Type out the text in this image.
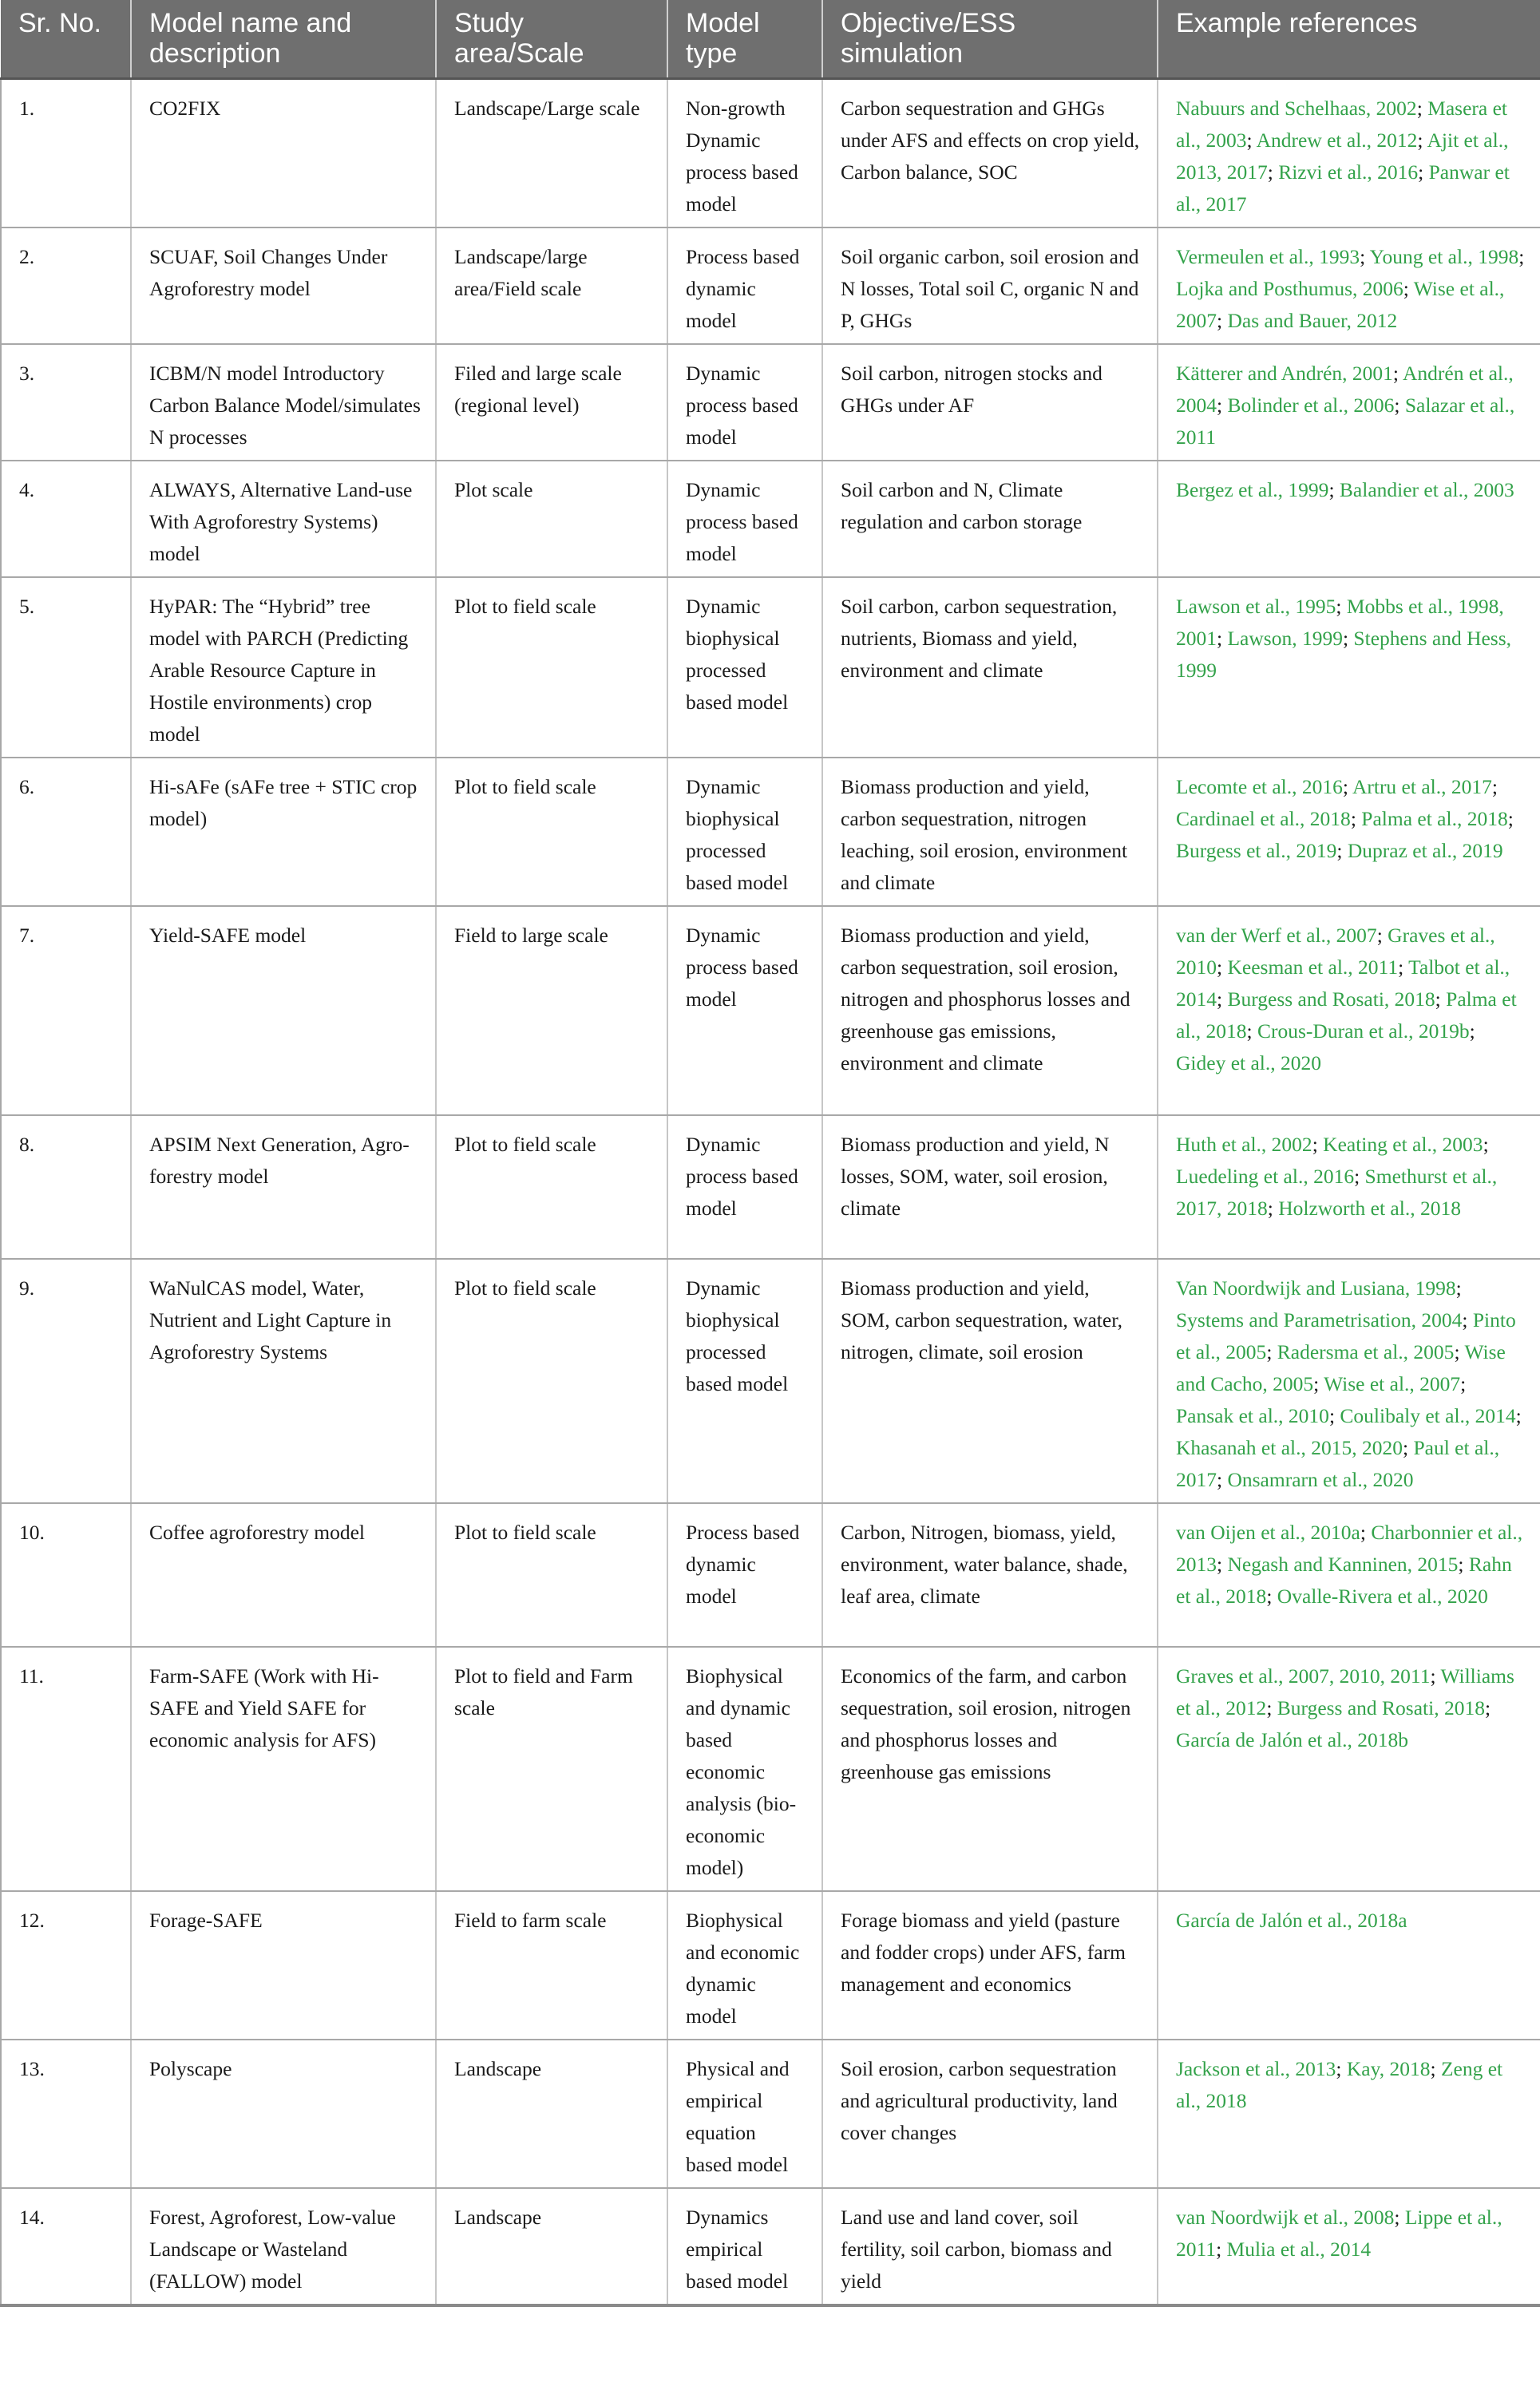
Sr. No.	Model name and description	Study area/Scale	Model type	Objective/ESS simulation	Example references
1.	CO2FIX	Landscape/Large scale	Non-growth Dynamic process based model	Carbon sequestration and GHGs under AFS and effects on crop yield, Carbon balance, SOC	Nabuurs and Schelhaas, 2002; Masera et al., 2003; Andrew et al., 2012; Ajit et al., 2013, 2017; Rizvi et al., 2016; Panwar et al., 2017
2.	SCUAF, Soil Changes Under Agroforestry model	Landscape/large area/Field scale	Process based dynamic model	Soil organic carbon, soil erosion and N losses, Total soil C, organic N and P, GHGs	Vermeulen et al., 1993; Young et al., 1998; Lojka and Posthumus, 2006; Wise et al., 2007; Das and Bauer, 2012
3.	ICBM/N model Introductory Carbon Balance Model/simulates N processes	Filed and large scale (regional level)	Dynamic process based model	Soil carbon, nitrogen stocks and GHGs under AF	Kätterer and Andrén, 2001; Andrén et al., 2004; Bolinder et al., 2006; Salazar et al., 2011
4.	ALWAYS, Alternative Land-use With Agroforestry Systems) model	Plot scale	Dynamic process based model	Soil carbon and N, Climate regulation and carbon storage	Bergez et al., 1999; Balandier et al., 2003
5.	HyPAR: The “Hybrid” tree model with PARCH (Predicting Arable Resource Capture in Hostile environments) crop model	Plot to field scale	Dynamic biophysical processed based model	Soil carbon, carbon sequestration, nutrients, Biomass and yield, environment and climate	Lawson et al., 1995; Mobbs et al., 1998, 2001; Lawson, 1999; Stephens and Hess, 1999
6.	Hi-sAFe (sAFe tree + STIC crop model)	Plot to field scale	Dynamic biophysical processed based model	Biomass production and yield, carbon sequestration, nitrogen leaching, soil erosion, environment and climate	Lecomte et al., 2016; Artru et al., 2017; Cardinael et al., 2018; Palma et al., 2018; Burgess et al., 2019; Dupraz et al., 2019
7.	Yield-SAFE model	Field to large scale	Dynamic process based model	Biomass production and yield, carbon sequestration, soil erosion, nitrogen and phosphorus losses and greenhouse gas emissions, environment and climate	van der Werf et al., 2007; Graves et al., 2010; Keesman et al., 2011; Talbot et al., 2014; Burgess and Rosati, 2018; Palma et al., 2018; Crous-Duran et al., 2019b; Gidey et al., 2020
8.	APSIM Next Generation, Agro-forestry model	Plot to field scale	Dynamic process based model	Biomass production and yield, N losses, SOM, water, soil erosion, climate	Huth et al., 2002; Keating et al., 2003; Luedeling et al., 2016; Smethurst et al., 2017, 2018; Holzworth et al., 2018
9.	WaNulCAS model, Water, Nutrient and Light Capture in Agroforestry Systems	Plot to field scale	Dynamic biophysical processed based model	Biomass production and yield, SOM, carbon sequestration, water, nitrogen, climate, soil erosion	Van Noordwijk and Lusiana, 1998; Systems and Parametrisation, 2004; Pinto et al., 2005; Radersma et al., 2005; Wise and Cacho, 2005; Wise et al., 2007; Pansak et al., 2010; Coulibaly et al., 2014; Khasanah et al., 2015, 2020; Paul et al., 2017; Onsamrarn et al., 2020
10.	Coffee agroforestry model	Plot to field scale	Process based dynamic model	Carbon, Nitrogen, biomass, yield, environment, water balance, shade, leaf area, climate	van Oijen et al., 2010a; Charbonnier et al., 2013; Negash and Kanninen, 2015; Rahn et al., 2018; Ovalle-Rivera et al., 2020
11.	Farm-SAFE (Work with Hi-SAFE and Yield SAFE for economic analysis for AFS)	Plot to field and Farm scale	Biophysical and dynamic based economic analysis (bio-economic model)	Economics of the farm, and carbon sequestration, soil erosion, nitrogen and phosphorus losses and greenhouse gas emissions	Graves et al., 2007, 2010, 2011; Williams et al., 2012; Burgess and Rosati, 2018; García de Jalón et al., 2018b
12.	Forage-SAFE	Field to farm scale	Biophysical and economic dynamic model	Forage biomass and yield (pasture and fodder crops) under AFS, farm management and economics	García de Jalón et al., 2018a
13.	Polyscape	Landscape	Physical and empirical equation based model	Soil erosion, carbon sequestration and agricultural productivity, land cover changes	Jackson et al., 2013; Kay, 2018; Zeng et al., 2018
14.	Forest, Agroforest, Low-value Landscape or Wasteland (FALLOW) model	Landscape	Dynamics empirical based model	Land use and land cover, soil fertility, soil carbon, biomass and yield	van Noordwijk et al., 2008; Lippe et al., 2011; Mulia et al., 2014
